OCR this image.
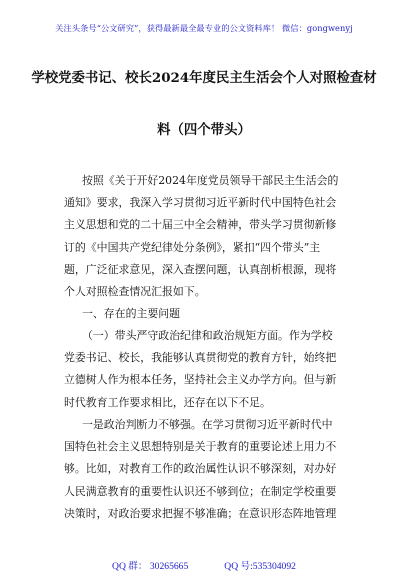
关注头条号“公文研究”，获得最新最全最专业的公文资料库！ 微信：gongwenyj
学校党委书记、校长2024年度民主生活会个人对照检查材
料（四个带头）
按照《关于开好2024年度党员领导干部民主生活会的
通知》要求，我深入学习贯彻习近平新时代中国特色社会
主义思想和党的二十届三中全会精神，带头学习贯彻新修
订的《中国共产党纪律处分条例》，紧扣“四个带头”主
题，广泛征求意见，深入查摆问题，认真剖析根源，现将
个人对照检查情况汇报如下。
一、存在的主要问题
（一）带头严守政治纪律和政治规矩方面。作为学校
党委书记、校长，我能够认真贯彻党的教育方针，始终把
立德树人作为根本任务，坚持社会主义办学方向。但与新
时代教育工作要求相比，还存在以下不足。
一是政治判断力不够强。在学习贯彻习近平新时代中
国特色社会主义思想特别是关于教育的重要论述上用力不
够。比如，对教育工作的政治属性认识不够深刻，对办好
人民满意教育的重要性认识还不够到位；在制定学校重要
决策时，对政治要求把握不够准确；在意识形态阵地管理
QQ 群： 30265665	QQ 号:535304092
